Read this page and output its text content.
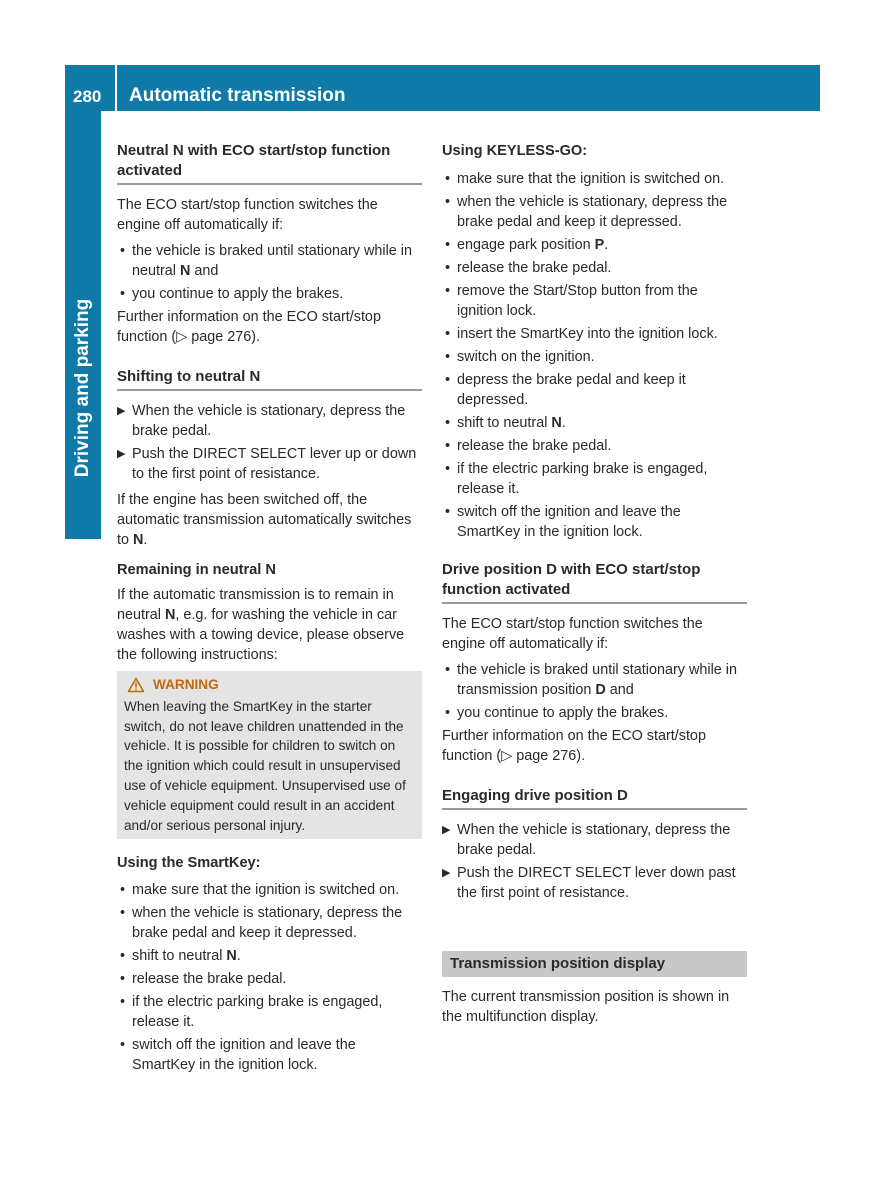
280 Automatic transmission
Driving and parking
Neutral N with ECO start/stop function activated

The ECO start/stop function switches the engine off automatically if:

• the vehicle is braked until stationary while in neutral N and
• you continue to apply the brakes.

Further information on the ECO start/stop function (▷ page 276).

Shifting to neutral N
▶ When the vehicle is stationary, depress the brake pedal.
▶ Push the DIRECT SELECT lever up or down to the first point of resistance.

If the engine has been switched off, the automatic transmission automatically switches to N.

Remaining in neutral N

If the automatic transmission is to remain in neutral N, e.g. for washing the vehicle in car washes with a towing device, please observe the following instructions:

WARNING
When leaving the SmartKey in the starter switch, do not leave children unattended in the vehicle. It is possible for children to switch on the ignition which could result in unsupervised use of vehicle equipment. Unsupervised use of vehicle equipment could result in an accident and/or serious personal injury.
Using the SmartKey:
• make sure that the ignition is switched on.
• when the vehicle is stationary, depress the brake pedal and keep it depressed.
• shift to neutral N.
• release the brake pedal.
• if the electric parking brake is engaged, release it.
• switch off the ignition and leave the SmartKey in the ignition lock.
Using KEYLESS-GO:
• make sure that the ignition is switched on.
• when the vehicle is stationary, depress the brake pedal and keep it depressed.
• engage park position P.
• release the brake pedal.
• remove the Start/Stop button from the ignition lock.
• insert the SmartKey into the ignition lock.
• switch on the ignition.
• depress the brake pedal and keep it depressed.
• shift to neutral N.
• release the brake pedal.
• if the electric parking brake is engaged, release it.
• switch off the ignition and leave the SmartKey in the ignition lock.
Drive position D with ECO start/stop function activated

The ECO start/stop function switches the engine off automatically if:

• the vehicle is braked until stationary while in transmission position D and
• you continue to apply the brakes.

Further information on the ECO start/stop function (▷ page 276).

Engaging drive position D
▶ When the vehicle is stationary, depress the brake pedal.
▶ Push the DIRECT SELECT lever down past the first point of resistance.
Transmission position display

The current transmission position is shown in the multifunction display.
